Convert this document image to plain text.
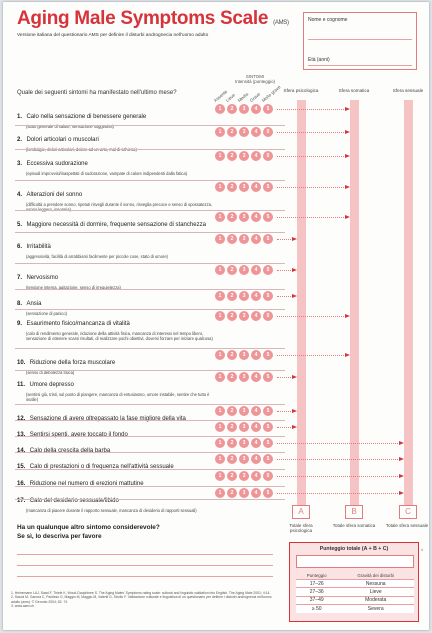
Aging Male Symptoms Scale (AMS)
Versione italiana del questionario AMS per definire il disturbi andrognecia nell'uomo adulto
Nome e cognome
Età (anni)
SINTOMI
Intensità (punteggio)
Assente
Lieve Media Grave Molto grave Sfera psicologica	Sfera somatica	Sfera sessuale
Quale dei seguenti sintomi ha manifestato nell'ultimo mese?
1. Calo nella sensazione di benessere generale
(stato generale di salute, sensazione soggettiva)
1	2	3	4	5
2. Dolori articolari o muscolari
(lombalgie, dolori articolari, dolore ad un arto, mal di schiena)
1	2	3	4	5
3. Eccessiva sudorazione
(episodi improvvisi/inaspettati di sudorazione, vampate di calore indipendenti dalla fatica)
1	2	3	4	5
4. Alterazioni del sonno
(difficoltà a prendere sonno, ripetuti risvegli durante il sonno, risveglia precoce e senso di spossatezza, sonno leggero, insonnia)
1	2	3	4	5
5. Maggiore necessità di dormire, frequente sensazione di stanchezza
1	2	3	4	5
6. Irritabilità
(aggressività, facilità di arrabbiarsi facilmente per piccole cose, stato di umore)
1	2	3	4	5
7. Nervosismo
(tensione interna, agitazione, senso di irrequietezza)
1	2	3	4	5
8. Ansia
(sensazione di panico)
1	2	3	4	5
9. Esaurimento fisico/mancanza di vitalità
(calo di rendimento generale, riduzione della attività fisica, mancanza di interessi nel tempo libero, sensazione di ottenere scarsi risultati, di realizzare pochi obiettivi, doversi forzare per iniziare qualcosa)
1	2	3	4	5
10. Riduzione della forza muscolare
(senso di debolezza fisica)
1	2	3	4	5
11. Umore depresso
(sentirsi giù, tristi, sul punto di piangere, mancanza di entusiasmo, umore instabile, sentire che tutto è inutile)
1	2	3	4	5
12. Sensazione di avere oltrepassato la fase migliore della vita
1	2	3	4	5
13. Sentirsi spenti, avere toccato il fondo
1	2	3	4	5
14. Calo della crescita della barba
1	2	3	4	5
15. Calo di prestazioni o di frequenza nell'attività sessuale
1	2	3	4	5
16. Riduzione nel numero di erezioni mattutine
1	2	3	4	5
17. Calo del desiderio sessuale/libido
(mancanza di piacere durante il rapporto sessuale, mancanza di desiderio di rapporti sessuali)
1	2	3	4	5
A	B	C
Totale sfera psicologica
Totale sfera somatica Totale sfera sessuale
Ha un qualunque altro sintomo considerevole?
Se sì, lo descriva per favore
1. Heinemann LAJ, Saad F, Thiele K, Wood-Dauphinee S. The Aging Males' Symptoms rating scale: cultural and linguistic validation into English. The Aging Male 2001; 4:14-
2. Saccà M, Garcea C, Paolisso G, Maggio M, Maggio M, Valenti G, Strollo F. Validazione culturale e linguistica di un questionario per definire i disturbi andrognecia nell'uomo adulto (ams). © Geronto 2004; 52: 74
3. www.aam.ch
4
Punteggio totale (A + B + C)
Punteggio	Gravità dei disturbi
17–26	Nessuna
27–36	Lieve
37–49	Moderata
≥ 50	Severa
